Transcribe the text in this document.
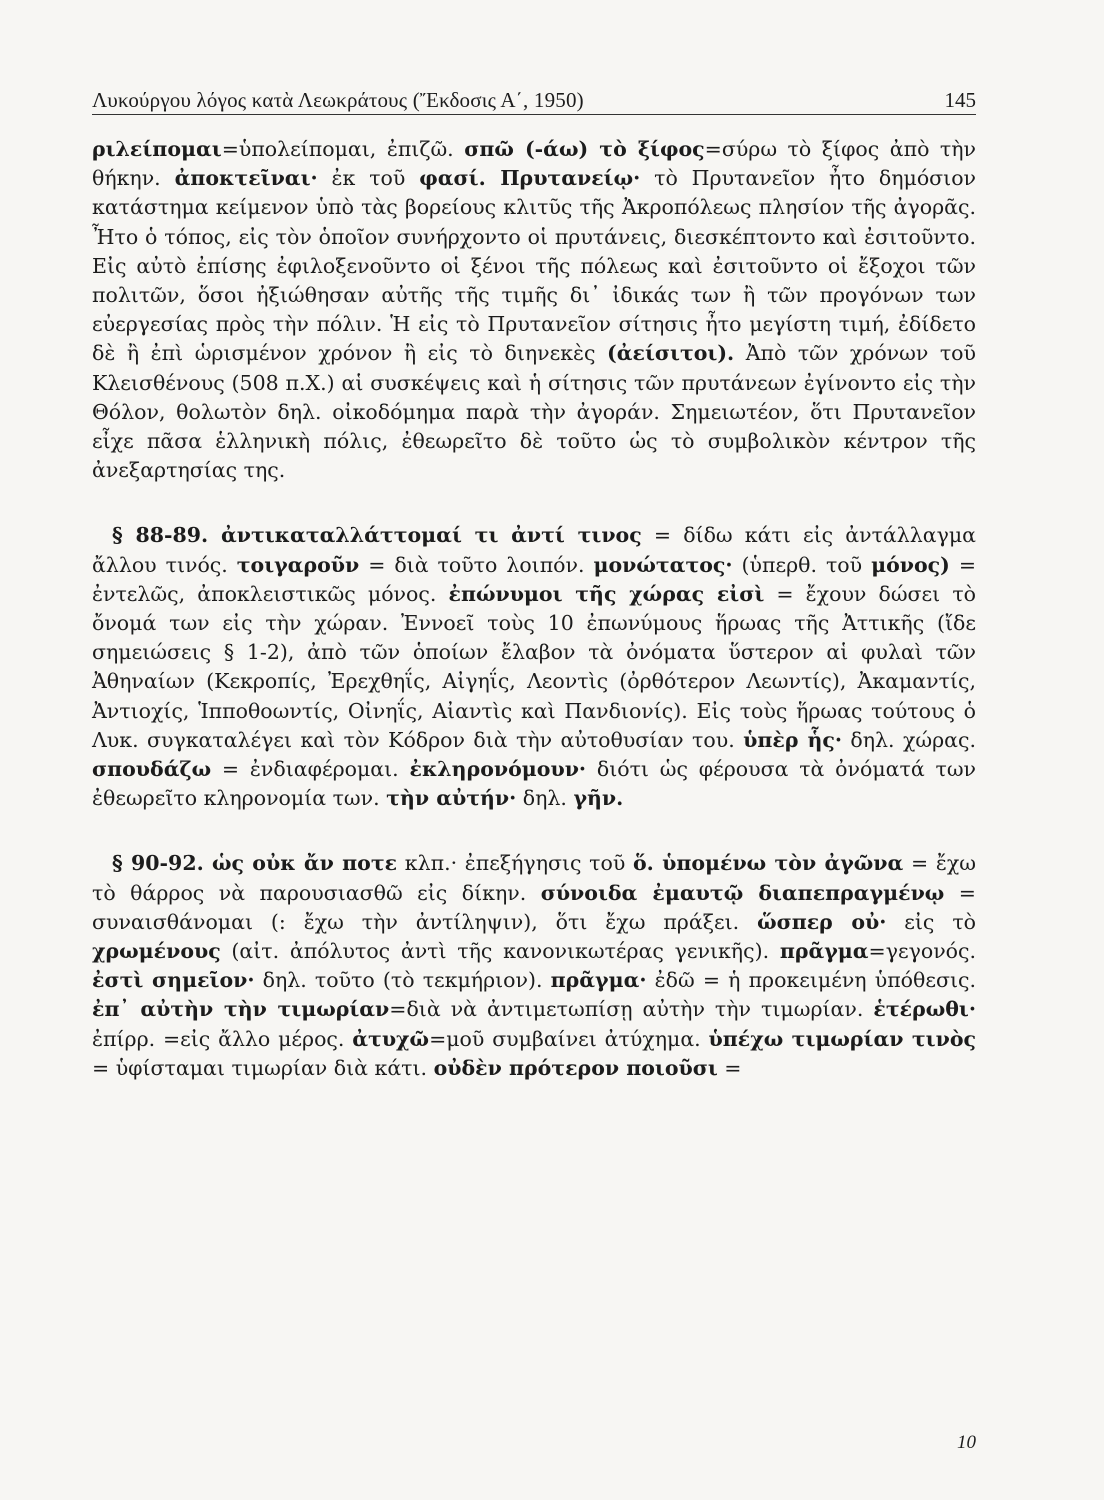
Λυκούργου λόγος κατὰ Λεωκράτους (Ἔκδοσις Α΄, 1950)	145

ριλείπομαι=ὑπολείπομαι, ἐπιζῶ. σπῶ (-άω) τὸ ξίφος=σύρω τὸ ξίφος ἀπὸ τὴν θήκην. ἀποκτεῖναι· ἐκ τοῦ φασί. Πρυτανείῳ· τὸ Πρυτανεῖον ἦτο δημόσιον κατάστημα κείμενον ὑπὸ τὰς βορείους κλιτῦς τῆς Ἀκροπόλεως πλησίον τῆς ἀγορᾶς. Ἦτο ὁ τόπος, εἰς τὸν ὁποῖον συνήρχοντο οἱ πρυτάνεις, διεσκέπτοντο καὶ ἐσιτοῦντο. Εἰς αὐτὸ ἐπίσης ἐφιλοξενοῦντο οἱ ξένοι τῆς πόλεως καὶ ἐσιτοῦντο οἱ ἔξοχοι τῶν πολιτῶν, ὅσοι ἠξιώθησαν αὐτῆς τῆς τιμῆς δι᾽ ἰδικάς των ἢ τῶν προγόνων των εὐεργεσίας πρὸς τὴν πόλιν. Ἡ εἰς τὸ Πρυτανεῖον σίτησις ἦτο μεγίστη τιμή, ἐδίδετο δὲ ἢ ἐπὶ ὡρισμένον χρόνον ἢ εἰς τὸ διηνεκὲς (ἀείσιτοι). Ἀπὸ τῶν χρόνων τοῦ Κλεισθένους (508 π.Χ.) αἱ συσκέψεις καὶ ἡ σίτησις τῶν πρυτάνεων ἐγίνοντο εἰς τὴν Θόλον, θολωτὸν δηλ. οἰκοδόμημα παρὰ τὴν ἀγοράν. Σημειωτέον, ὅτι Πρυτανεῖον εἶχε πᾶσα ἑλληνικὴ πόλις, ἐθεωρεῖτο δὲ τοῦτο ὡς τὸ συμβολικὸν κέντρον τῆς ἀνεξαρτησίας της.

§ 88-89. ἀντικαταλλάττομαί τι ἀντί τινος = δίδω κάτι εἰς ἀντάλλαγμα ἄλλου τινός. τοιγαροῦν = διὰ τοῦτο λοιπόν. μονώτατος· (ὑπερθ. τοῦ μόνος) = ἐντελῶς, ἀποκλειστικῶς μόνος. ἐπώνυμοι τῆς χώρας εἰσὶ = ἔχουν δώσει τὸ ὄνομά των εἰς τὴν χώραν. Ἐννοεῖ τοὺς 10 ἐπωνύμους ἥρωας τῆς Ἀττικῆς (ἴδε σημειώσεις § 1-2), ἀπὸ τῶν ὁποίων ἔλαβον τὰ ὀνόματα ὕστερον αἱ φυλαὶ τῶν Ἀθηναίων (Κεκροπίς, Ἐρεχθηΐς, Αἰγηΐς, Λεοντὶς (ὀρθότερον Λεωντίς), Ἀκαμαντίς, Ἀντιοχίς, Ἱπποθοωντίς, Οἰνηΐς, Αἰαντὶς καὶ Πανδιονίς). Εἰς τοὺς ἥρωας τούτους ὁ Λυκ. συγκαταλέγει καὶ τὸν Κόδρον διὰ τὴν αὐτοθυσίαν του. ὑπὲρ ἧς· δηλ. χώρας. σπουδάζω = ἐνδιαφέρομαι. ἐκληρονόμουν· διότι ὡς φέρουσα τὰ ὀνόματά των ἐθεωρεῖτο κληρονομία των. τὴν αὐτήν· δηλ. γῆν.

§ 90-92. ὡς οὐκ ἄν ποτε κλπ.· ἐπεξήγησις τοῦ ὅ. ὑπομένω τὸν ἀγῶνα = ἔχω τὸ θάρρος νὰ παρουσιασθῶ εἰς δίκην. σύνοιδα ἐμαυτῷ διαπεπραγμένῳ = συναισθάνομαι (: ἔχω τὴν ἀντίληψιν), ὅτι ἔχω πράξει. ὥσπερ οὐ· εἰς τὸ χρωμένους (αἰτ. ἀπόλυτος ἀντὶ τῆς κανονικωτέρας γενικῆς). πρᾶγμα=γεγονός. ἐστὶ σημεῖον· δηλ. τοῦτο (τὸ τεκμήριον). πρᾶγμα· ἐδῶ = ἡ προκειμένη ὑπόθεσις. ἐπ᾽ αὐτὴν τὴν τιμωρίαν=διὰ νὰ ἀντιμετωπίσῃ αὐτὴν τὴν τιμωρίαν. ἑτέρωθι· ἐπίρρ. =εἰς ἄλλο μέρος. ἀτυχῶ=μοῦ συμβαίνει ἀτύχημα. ὑπέχω τιμωρίαν τινὸς = ὑφίσταμαι τιμωρίαν διὰ κάτι. οὐδὲν πρότερον ποιοῦσι =

10
